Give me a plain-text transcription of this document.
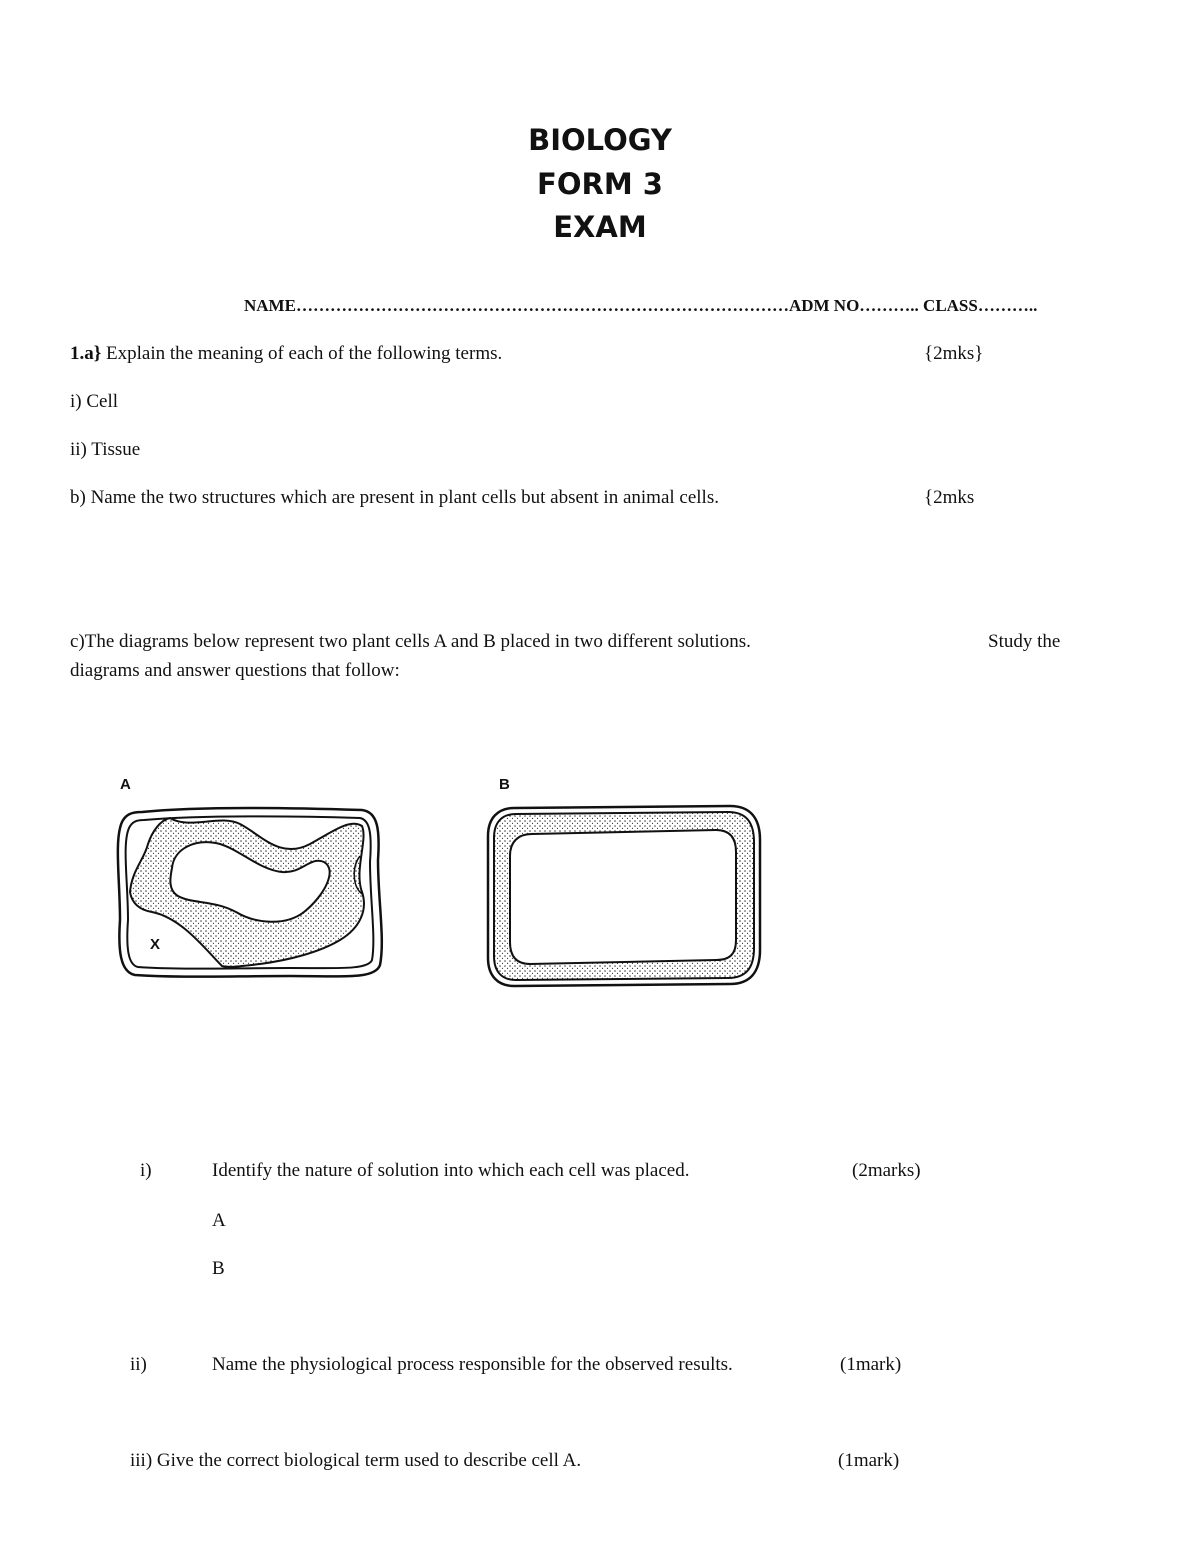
BIOLOGY
FORM 3
EXAM
NAME……………………………………………………………………………ADM NO……….. CLASS………..
1.a} Explain the meaning of each of the following terms.	{2mks}
i) Cell
ii) Tissue
b) Name the two structures which are present in plant cells but absent in animal cells.	{2mks
c)The diagrams below represent two plant cells A and B placed in two different solutions.	Study the
diagrams and answer questions that follow:
A	B
X
i)	Identify the nature of solution into which each cell was placed.	(2marks)
A
B
ii)	Name the physiological process responsible for the observed results.	(1mark)
iii) Give the correct biological term used to describe cell A.	(1mark)
